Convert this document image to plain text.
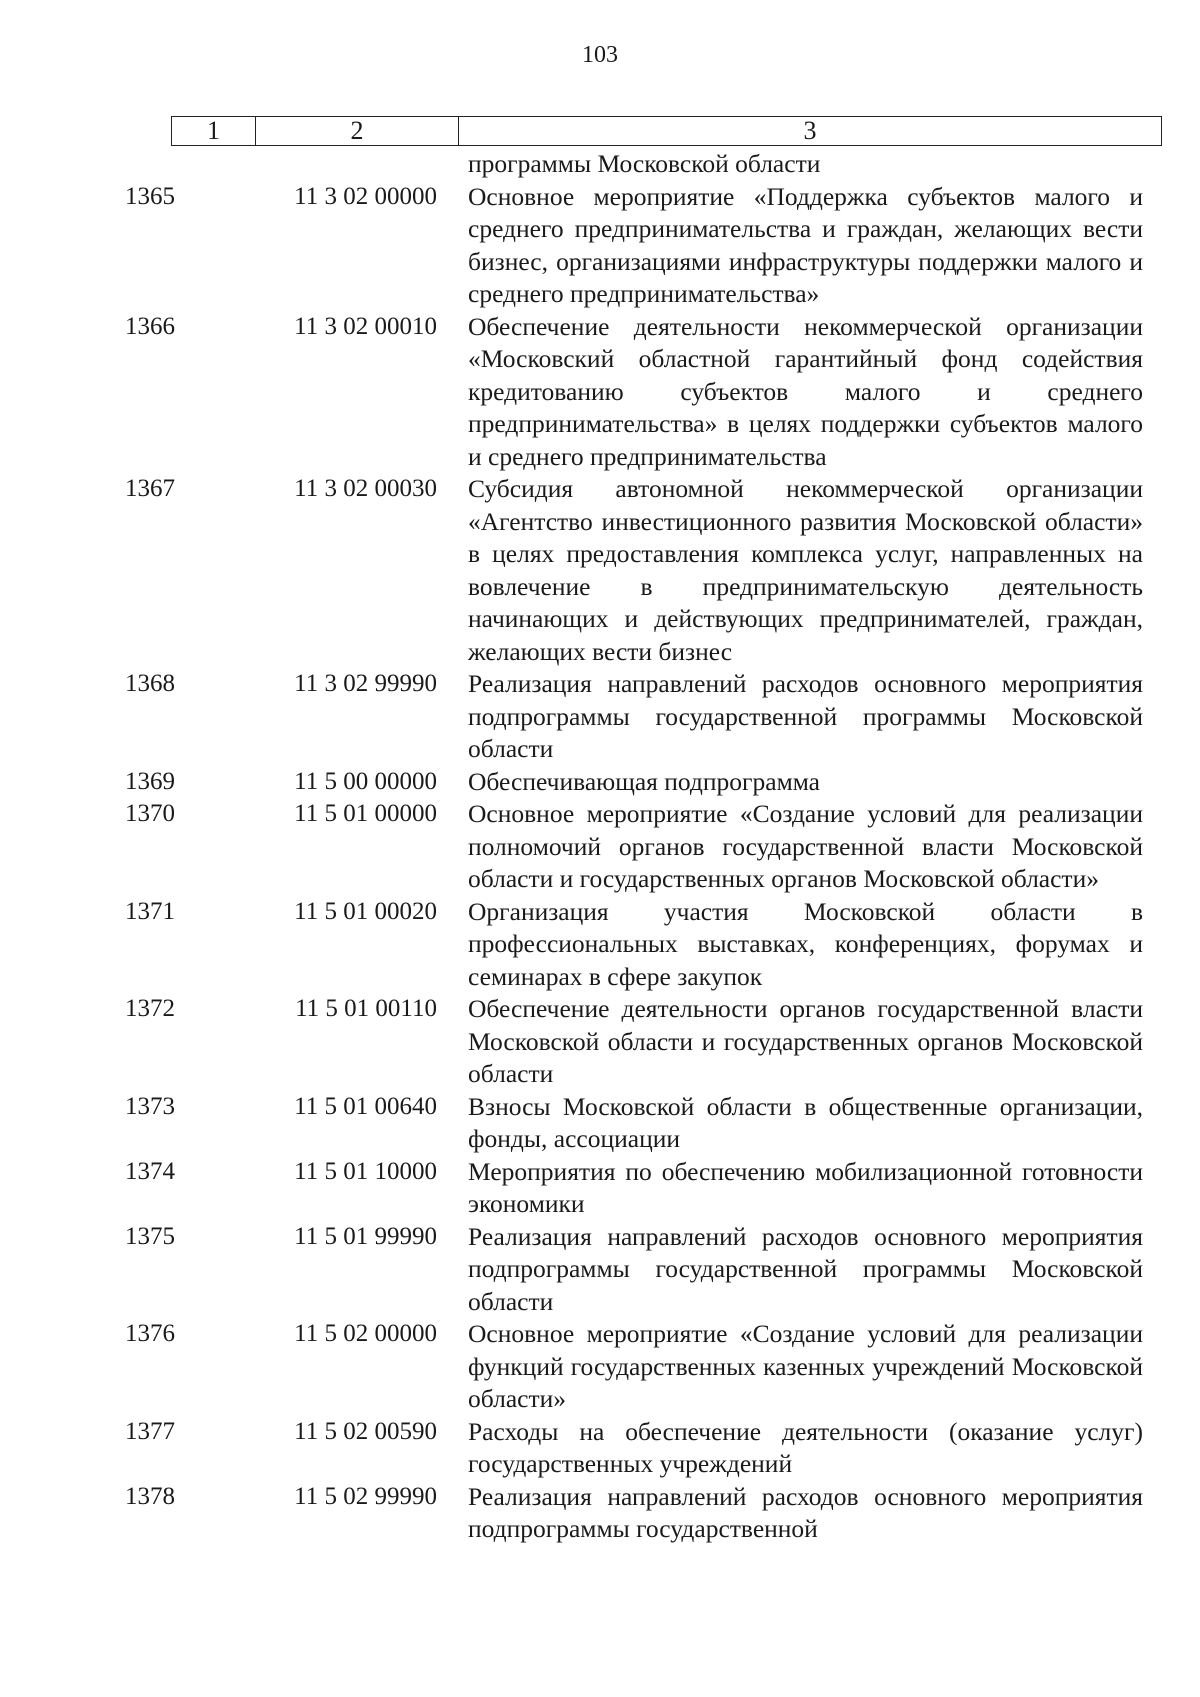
103
1	2	3
программы Московской области
1365	11 3 02 00000 Основное мероприятие «Поддержка субъектов малого и среднего предпринимательства и граждан, желающих вести бизнес, организациями инфраструктуры поддержки малого и среднего предпринимательства»
1366	11 3 02 00010 Обеспечение деятельности некоммерческой организации «Московский областной гарантийный фонд содействия кредитованию субъектов малого и среднего предпринимательства» в целях поддержки субъектов малого и среднего предпринимательства
1367	11 3 02 00030 Субсидия автономной некоммерческой организации «Агентство инвестиционного развития Московской области» в целях предоставления комплекса услуг, направленных на вовлечение в предпринимательскую деятельность начинающих и действующих предпринимателей, граждан, желающих вести бизнес
1368	11 3 02 99990 Реализация направлений расходов основного мероприятия подпрограммы государственной программы Московской области
1369	11 5 00 00000 Обеспечивающая подпрограмма
1370	11 5 01 00000 Основное мероприятие «Создание условий для реализации полномочий органов государственной власти Московской области и государственных органов Московской области»
1371	11 5 01 00020 Организация участия Московской области в профессиональных выставках, конференциях, форумах и семинарах в сфере закупок
1372	11 5 01 00110 Обеспечение деятельности органов государственной власти Московской области и государственных органов Московской области
1373	11 5 01 00640 Взносы Московской области в общественные организации, фонды, ассоциации
1374	11 5 01 10000 Мероприятия по обеспечению мобилизационной готовности экономики
1375	11 5 01 99990 Реализация направлений расходов основного мероприятия подпрограммы государственной программы Московской области
1376	11 5 02 00000 Основное мероприятие «Создание условий для реализации функций государственных казенных учреждений Московской области»
1377	11 5 02 00590 Расходы на обеспечение деятельности (оказание услуг) государственных учреждений
1378	11 5 02 99990 Реализация направлений расходов основного мероприятия подпрограммы государственной
